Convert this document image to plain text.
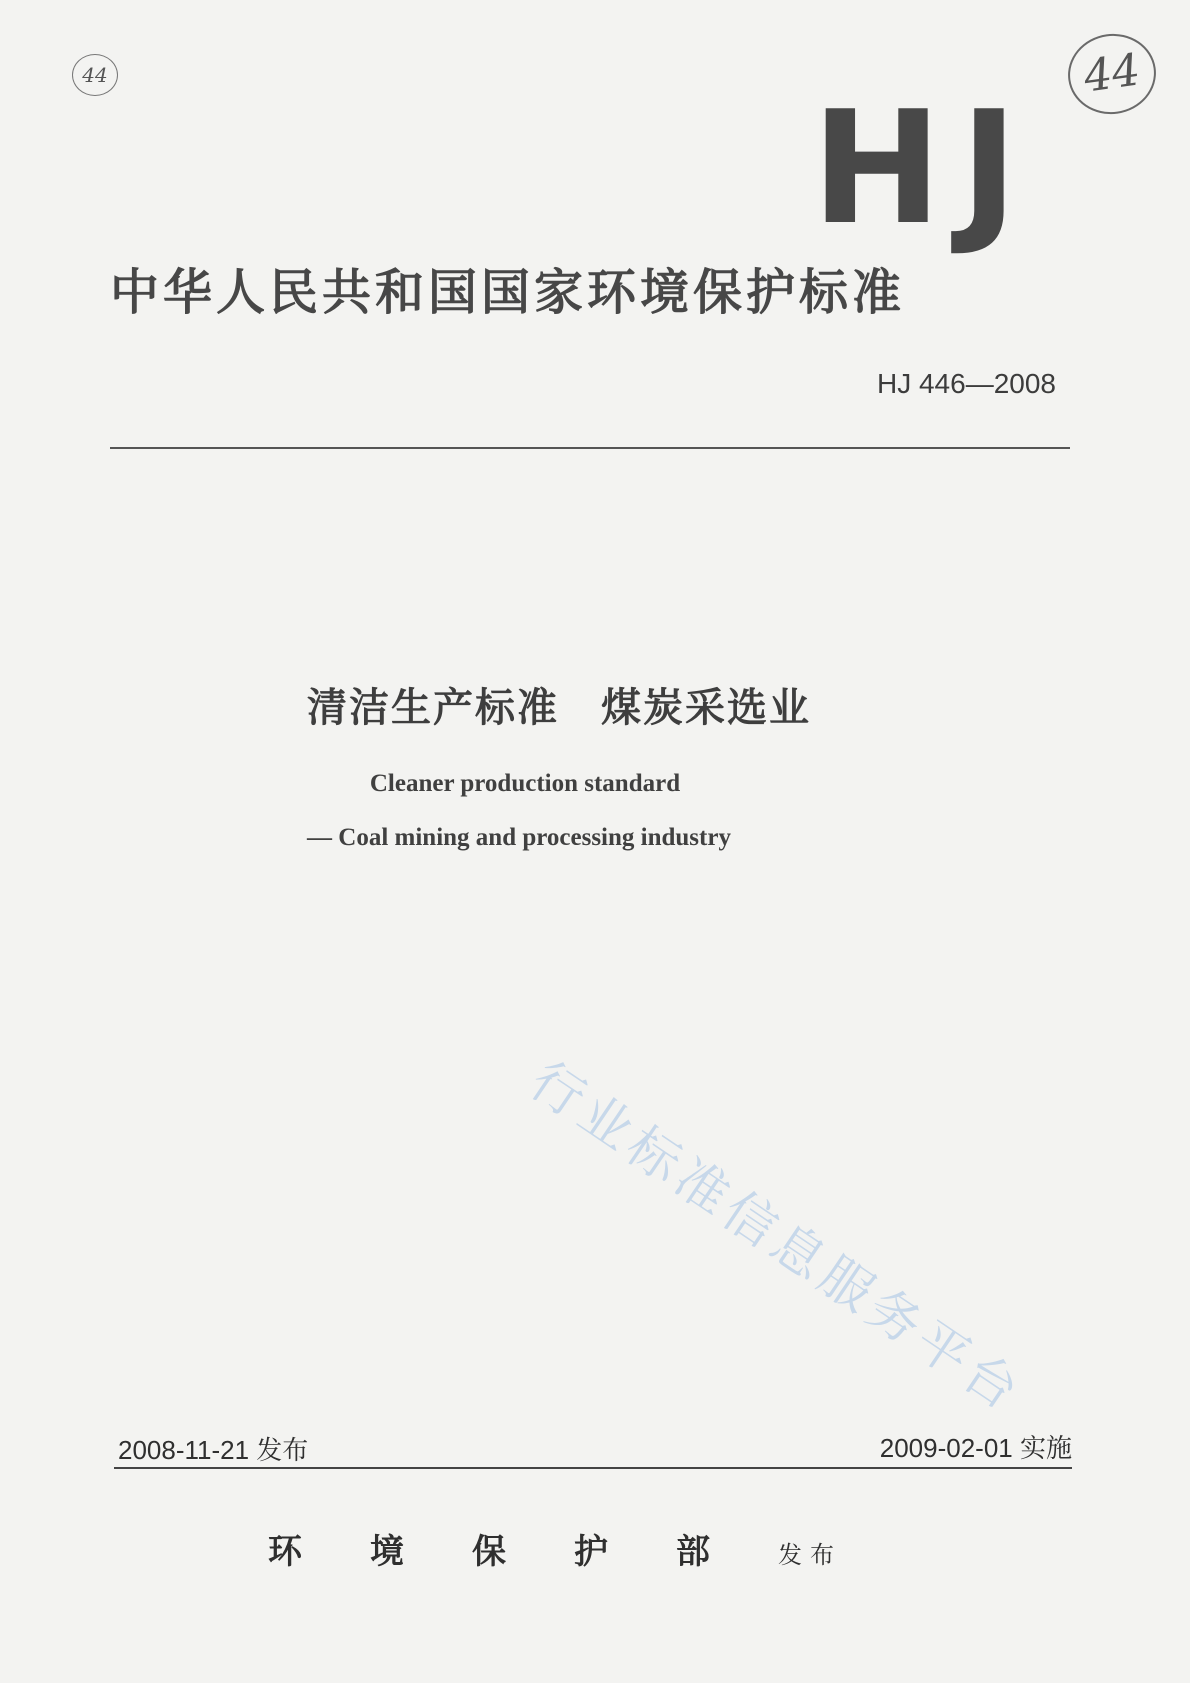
44	44
HJ
中华人民共和国国家环境保护标准
HJ 446—2008
清洁生产标准　煤炭采选业
Cleaner production standard
— Coal mining and processing industry
行业标准信息服务平台
2008-11-21 发布	2009-02-01 实施
环境保护部发布
